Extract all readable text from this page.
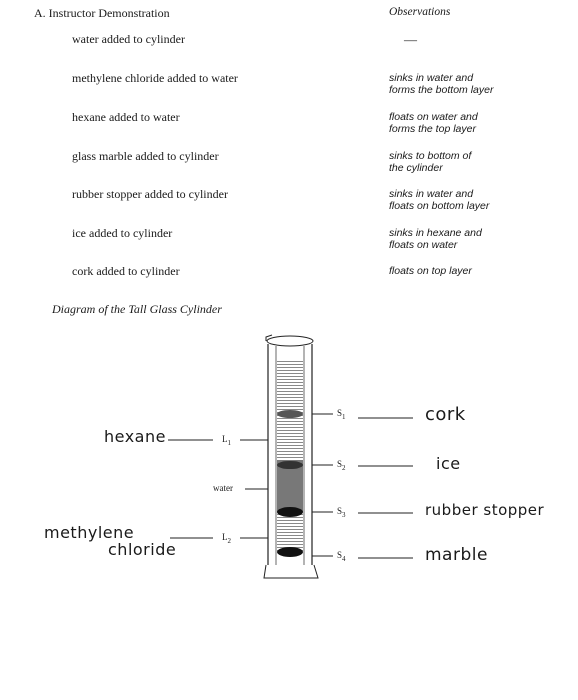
A. Instructor Demonstration	Observations
water added to cylinder	—
methylene chloride added to water	sinks in water and
forms the bottom layer
hexane added to water	floats on water and
forms the top layer
glass marble added to cylinder	sinks to bottom of
the cylinder
rubber stopper added to cylinder	sinks in water and
floats on bottom layer
ice added to cylinder	sinks in hexane and
floats on water
cork added to cylinder	floats on top layer
Diagram of the Tall Glass Cylinder
$L_1$
water
$L_2$
$S_1$
$S_2$
$S_3$
$S_4$
hexane
methylene
chloride
cork
ice
rubber stopper
marble
